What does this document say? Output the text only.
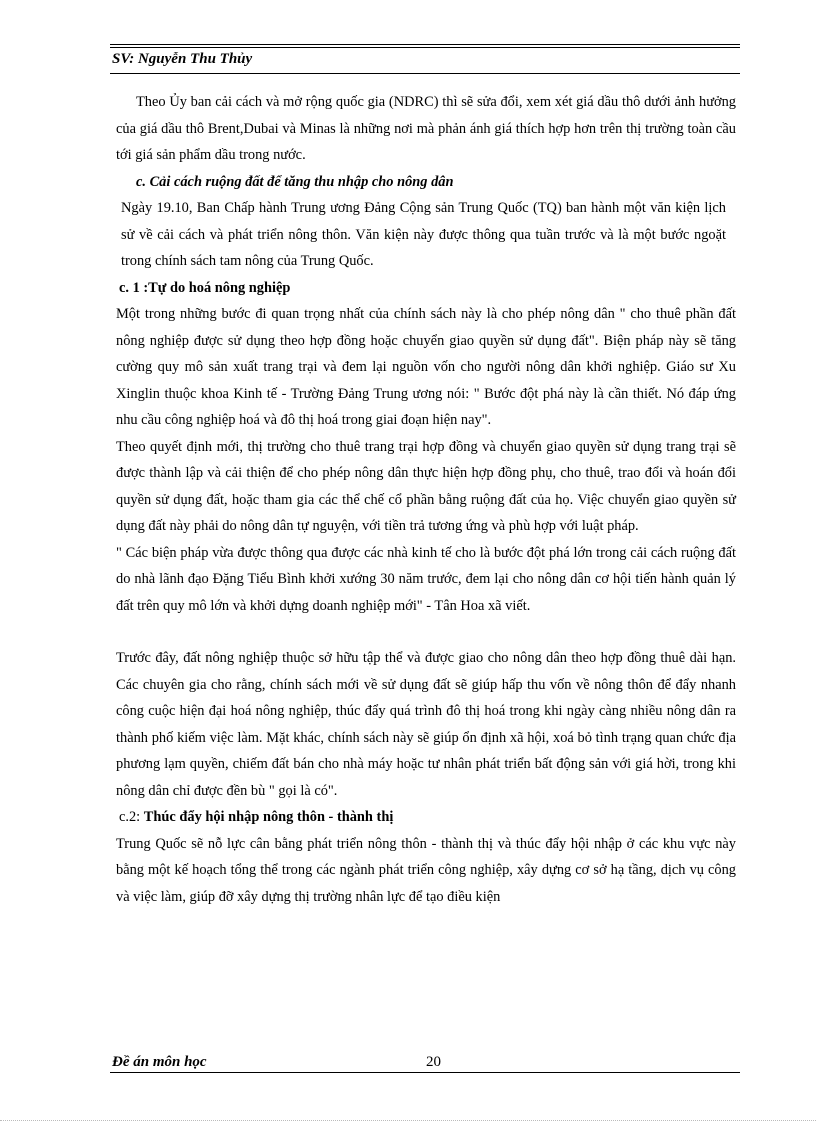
SV: Nguyễn Thu Thủy

Theo Ủy ban cải cách và mở rộng quốc gia (NDRC) thì sẽ sửa đổi, xem xét giá dầu thô dưới ảnh hưởng của giá dầu thô Brent,Dubai và Minas là những nơi mà phản ánh giá thích hợp hơn trên thị trường toàn cầu tới giá sản phẩm dầu trong nước.

c. Cải cách ruộng đất để tăng thu nhập cho nông dân

Ngày 19.10, Ban Chấp hành Trung ương Đảng Cộng sản Trung Quốc (TQ) ban hành một văn kiện lịch sử về cải cách và phát triển nông thôn. Văn kiện này được thông qua tuần trước và là một bước ngoặt trong chính sách tam nông của Trung Quốc.

c. 1 :Tự do hoá nông nghiệp

Một trong những bước đi quan trọng nhất của chính sách này là cho phép nông dân " cho thuê phần đất nông nghiệp được sử dụng theo hợp đồng hoặc chuyển giao quyền sử dụng đất". Biện pháp này sẽ tăng cường quy mô sản xuất trang trại và đem lại nguồn vốn cho người nông dân khởi nghiệp. Giáo sư Xu Xinglin thuộc khoa Kinh tế - Trường Đảng Trung ương nói: " Bước đột phá này là cần thiết. Nó đáp ứng nhu cầu công nghiệp hoá và đô thị hoá trong giai đoạn hiện nay".

Theo quyết định mới, thị trường cho thuê trang trại hợp đồng và chuyển giao quyền sử dụng trang trại sẽ được thành lập và cải thiện để cho phép nông dân thực hiện hợp đồng phụ, cho thuê, trao đổi và hoán đổi quyền sử dụng đất, hoặc tham gia các thể chế cổ phần bằng ruộng đất của họ. Việc chuyển giao quyền sử dụng đất này phải do nông dân tự nguyện, với tiền trả tương ứng và phù hợp với luật pháp.

" Các biện pháp vừa được thông qua được các nhà kinh tế cho là bước đột phá lớn trong cải cách ruộng đất do nhà lãnh đạo Đặng Tiểu Bình khởi xướng 30 năm trước, đem lại cho nông dân cơ hội tiến hành quản lý đất trên quy mô lớn và khởi dựng doanh nghiệp mới" - Tân Hoa xã viết.

Trước đây, đất nông nghiệp thuộc sở hữu tập thể và được giao cho nông dân theo hợp đồng thuê dài hạn. Các chuyên gia cho rằng, chính sách mới về sử dụng đất sẽ giúp hấp thu vốn về nông thôn để đẩy nhanh công cuộc hiện đại hoá nông nghiệp, thúc đẩy quá trình đô thị hoá trong khi ngày càng nhiều nông dân ra thành phố kiếm việc làm. Mặt khác, chính sách này sẽ giúp ổn định xã hội, xoá bỏ tình trạng quan chức địa phương lạm quyền, chiếm đất bán cho nhà máy hoặc tư nhân phát triển bất động sản với giá hời, trong khi nông dân chỉ được đền bù " gọi là có".

c.2: Thúc đẩy hội nhập nông thôn - thành thị

Trung Quốc sẽ nỗ lực cân bằng phát triển nông thôn - thành thị và thúc đẩy hội nhập ở các khu vực này bằng một kế hoạch tổng thể trong các ngành phát triển công nghiệp, xây dựng cơ sở hạ tầng, dịch vụ công và việc làm, giúp đỡ xây dựng thị trường nhân lực để tạo điều kiện

Đề án môn học	20
